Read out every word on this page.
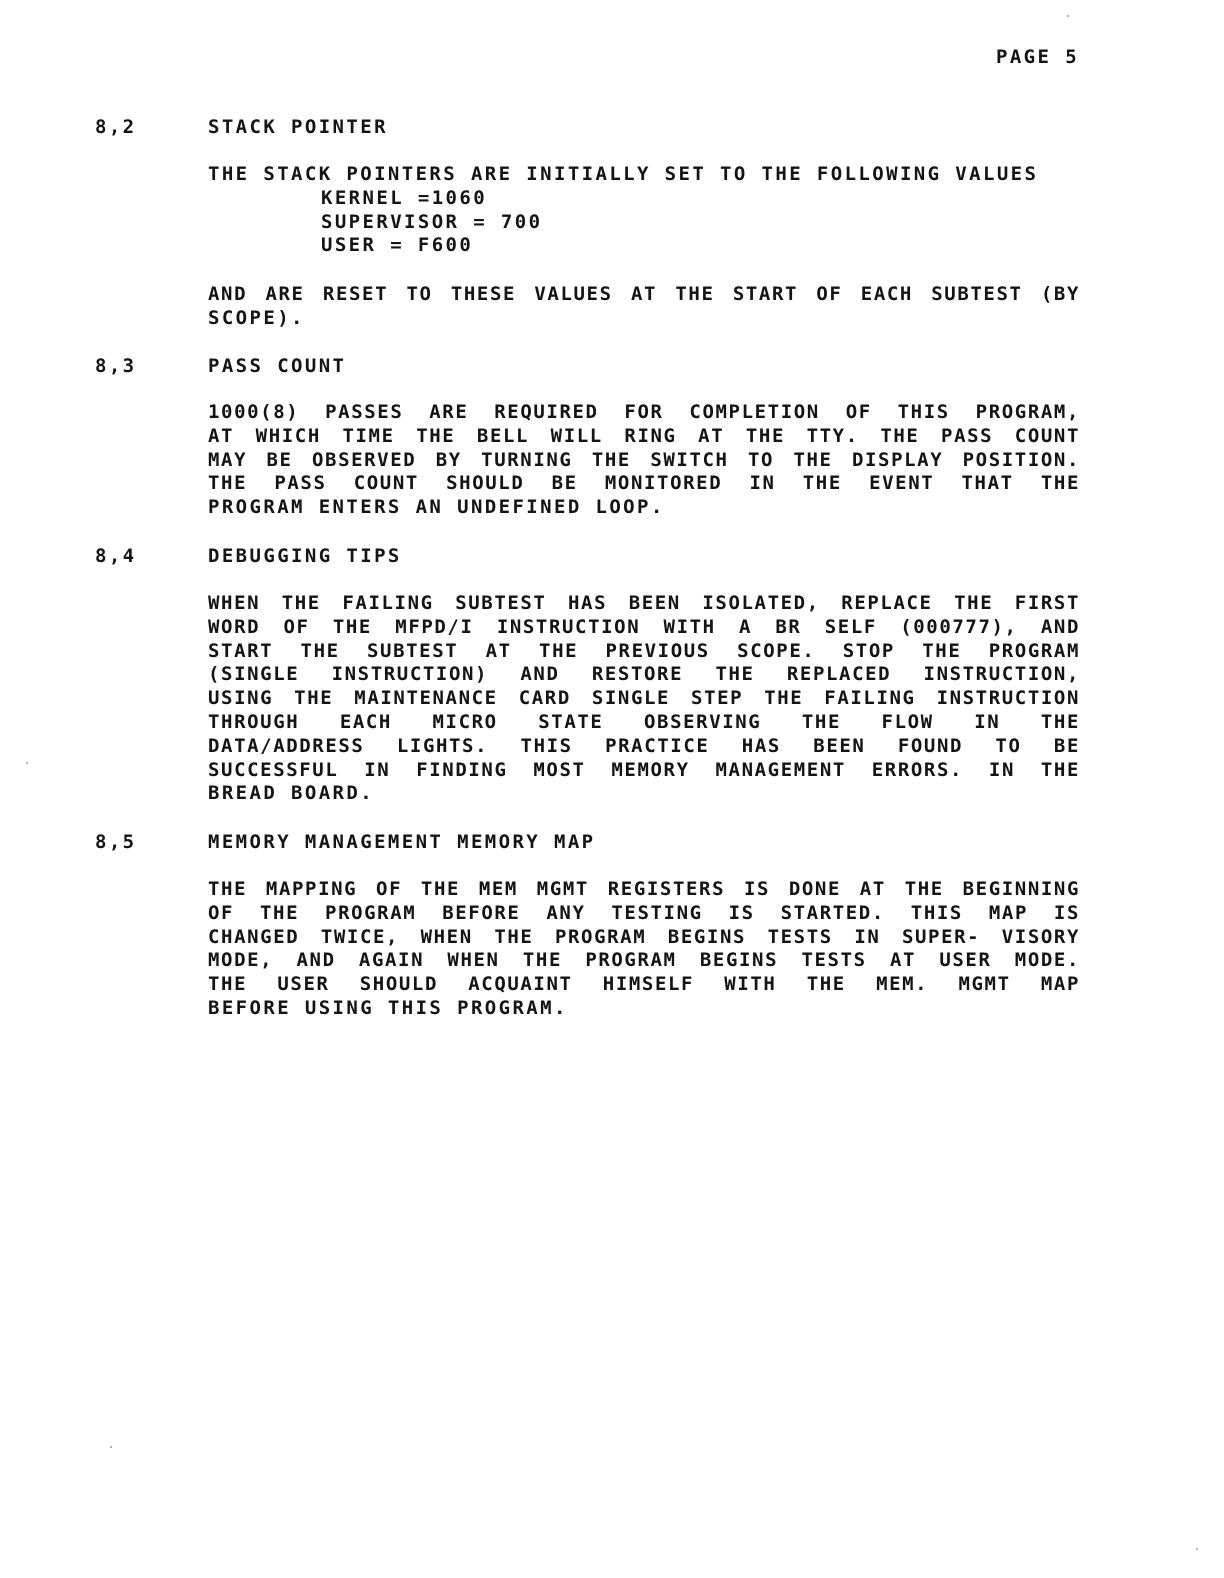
PAGE 5
8,2	STACK POINTER
THE STACK POINTERS ARE INITIALLY SET TO THE FOLLOWING VALUES
KERNEL =1060
SUPERVISOR = 700
USER = F600
AND ARE RESET TO THESE VALUES AT THE START OF EACH SUBTEST (BY
SCOPE).
8,3	PASS COUNT
1000(8) PASSES ARE REQUIRED FOR COMPLETION OF THIS PROGRAM,
AT WHICH TIME THE BELL WILL RING AT THE TTY. THE PASS COUNT
MAY BE OBSERVED BY TURNING THE SWITCH TO THE DISPLAY POSITION.
THE PASS COUNT SHOULD BE MONITORED IN THE EVENT THAT THE
PROGRAM ENTERS AN UNDEFINED LOOP.
8,4	DEBUGGING TIPS
WHEN THE FAILING SUBTEST HAS BEEN ISOLATED, REPLACE THE FIRST
WORD OF THE MFPD/I INSTRUCTION WITH A BR SELF (000777), AND
START THE SUBTEST AT THE PREVIOUS SCOPE. STOP THE PROGRAM
(SINGLE INSTRUCTION) AND RESTORE THE REPLACED INSTRUCTION,
USING THE MAINTENANCE CARD SINGLE STEP THE FAILING INSTRUCTION
THROUGH EACH MICRO STATE OBSERVING THE FLOW IN THE
DATA/ADDRESS LIGHTS. THIS PRACTICE HAS BEEN FOUND TO BE
SUCCESSFUL IN FINDING MOST MEMORY MANAGEMENT ERRORS. IN THE
BREAD BOARD.
8,5	MEMORY MANAGEMENT MEMORY MAP
THE MAPPING OF THE MEM MGMT REGISTERS IS DONE AT THE BEGINNING
OF THE PROGRAM BEFORE ANY TESTING IS STARTED. THIS MAP IS
CHANGED TWICE, WHEN THE PROGRAM BEGINS TESTS IN SUPER- VISORY
MODE, AND AGAIN WHEN THE PROGRAM BEGINS TESTS AT USER MODE.
THE USER SHOULD ACQUAINT HIMSELF WITH THE MEM. MGMT MAP
BEFORE USING THIS PROGRAM.
